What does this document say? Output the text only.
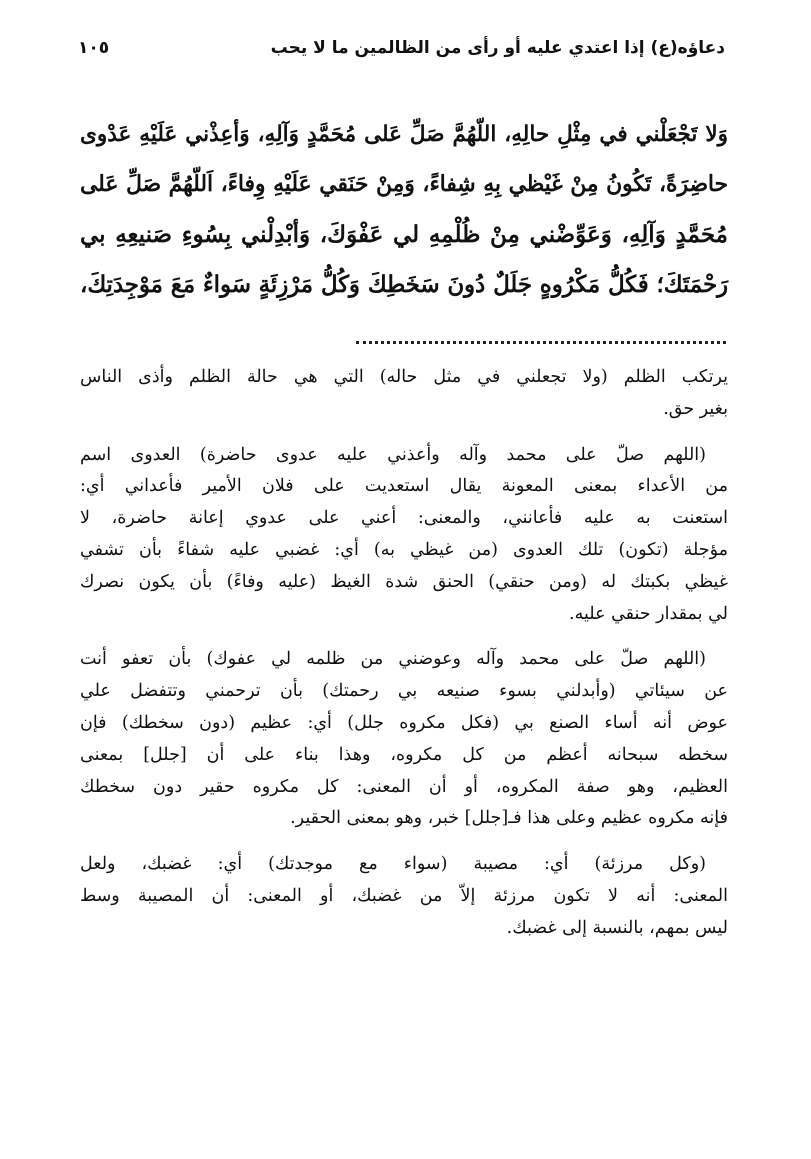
دعاؤه(ع) إذا اعتدي عليه أو رأى من الظالمين ما لا يحب
١٠٥
وَلا تَجْعَلْني في مِثْلِ حالِهِ، اللّهُمَّ صَلِّ عَلى مُحَمَّدٍ وَآلِهِ، وَأعِذْني عَلَيْهِ عَدْوى
حاضِرَةً، تَكُونُ مِنْ غَيْظي بِهِ شِفاءً، وَمِنْ حَنَقي عَلَيْهِ وِفاءً، اَللّهُمَّ صَلِّ عَلى
مُحَمَّدٍ وَآلِهِ، وَعَوِّضْني مِنْ ظُلْمِهِ لي عَفْوَكَ، وَأبْدِلْني بِسُوءِ صَنيعِهِ بي
رَحْمَتَكَ؛ فَكُلُّ مَكْرُوهٍ جَلَلٌ دُونَ سَخَطِكَ وَكُلُّ مَرْزِئَةٍ سَواءٌ مَعَ مَوْجِدَتِكَ،
يرتكب الظلم (ولا تجعلني في مثل حاله) التي هي حالة الظلم وأذى الناس
بغير حق.
(اللهم صلّ على محمد وآله وأعذني عليه عدوى حاضرة) العدوى اسم
من الأعداء بمعنى المعونة يقال استعديت على فلان الأمير فأعداني أي:
استعنت به عليه فأعانني، والمعنى: أعني على عدوي إعانة حاضرة، لا
مؤجلة (تكون) تلك العدوى (من غيظي به) أي: غضبي عليه شفاءً بأن تشفي
غيظي بكبتك له (ومن حنقي) الحنق شدة الغيظ (عليه وفاءً) بأن يكون نصرك
لي بمقدار حنقي عليه.
(اللهم صلّ على محمد وآله وعوضني من ظلمه لي عفوك) بأن تعفو أنت
عن سيئاتي (وأبدلني بسوء صنيعه بي رحمتك) بأن ترحمني وتتفضل علي
عوض أنه أساء الصنع بي (فكل مكروه جلل) أي: عظيم (دون سخطك) فإن
سخطه سبحانه أعظم من كل مكروه، وهذا بناء على أن [جلل] بمعنى
العظيم، وهو صفة المكروه، أو أن المعنى: كل مكروه حقير دون سخطك
فإنه مكروه عظيم وعلى هذا فـ[جلل] خبر، وهو بمعنى الحقير.
(وكل مرزئة) أي: مصيبة (سواء مع موجدتك) أي: غضبك، ولعل
المعنى: أنه لا تكون مرزئة إلاّ من غضبك، أو المعنى: أن المصيبة وسط
ليس بمهم، بالنسبة إلى غضبك.
